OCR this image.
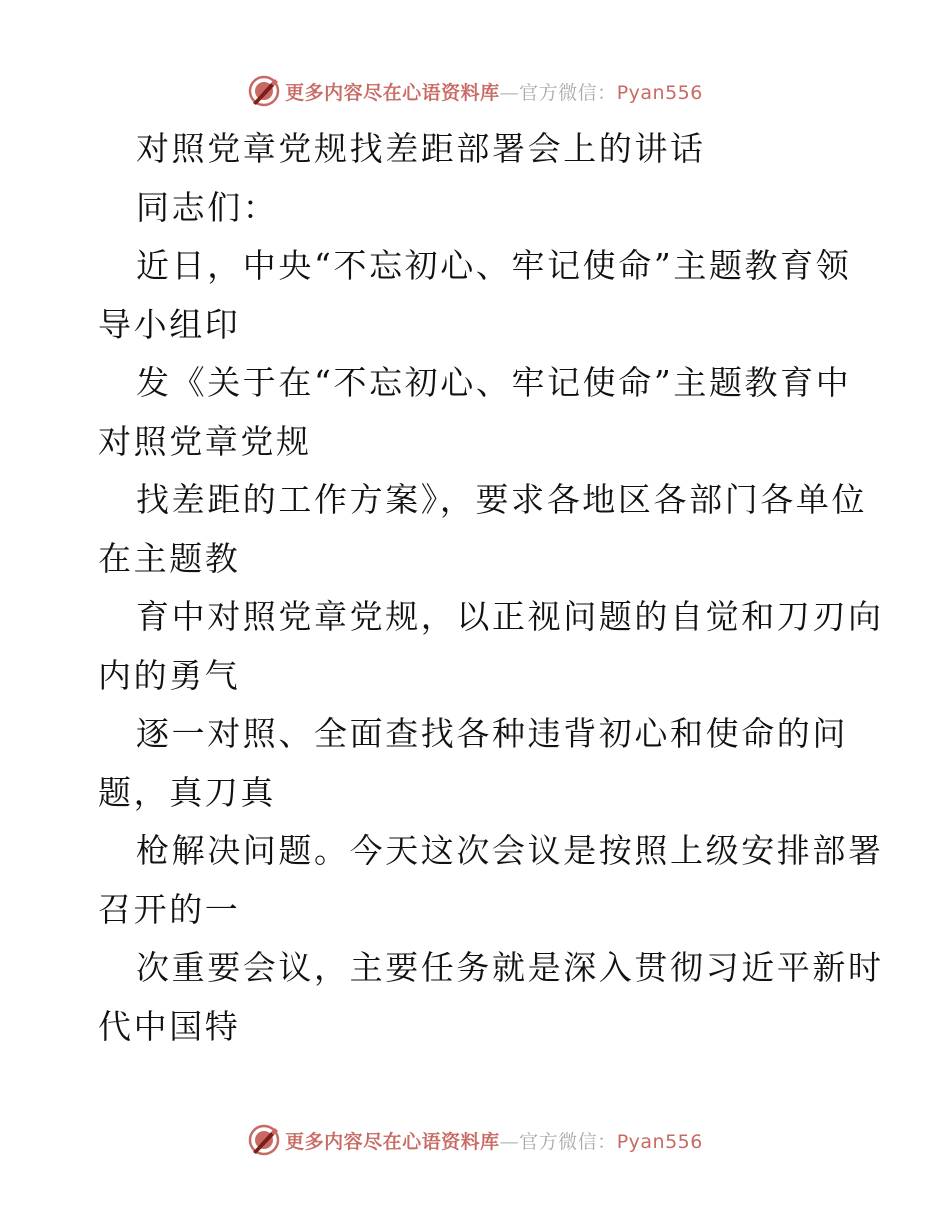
更多内容尽在心语资料库—官方微信：Pyan556
对照党章党规找差距部署会上的讲话
同志们：
近日，中央“不忘初心、牢记使命”主题教育领
导小组印
发《关于在“不忘初心、牢记使命”主题教育中
对照党章党规
找差距的工作方案》，要求各地区各部门各单位
在主题教
育中对照党章党规，以正视问题的自觉和刀刃向
内的勇气
逐一对照、全面查找各种违背初心和使命的问
题，真刀真
枪解决问题。今天这次会议是按照上级安排部署
召开的一
次重要会议，主要任务就是深入贯彻习近平新时
代中国特
更多内容尽在心语资料库—官方微信：Pyan556
